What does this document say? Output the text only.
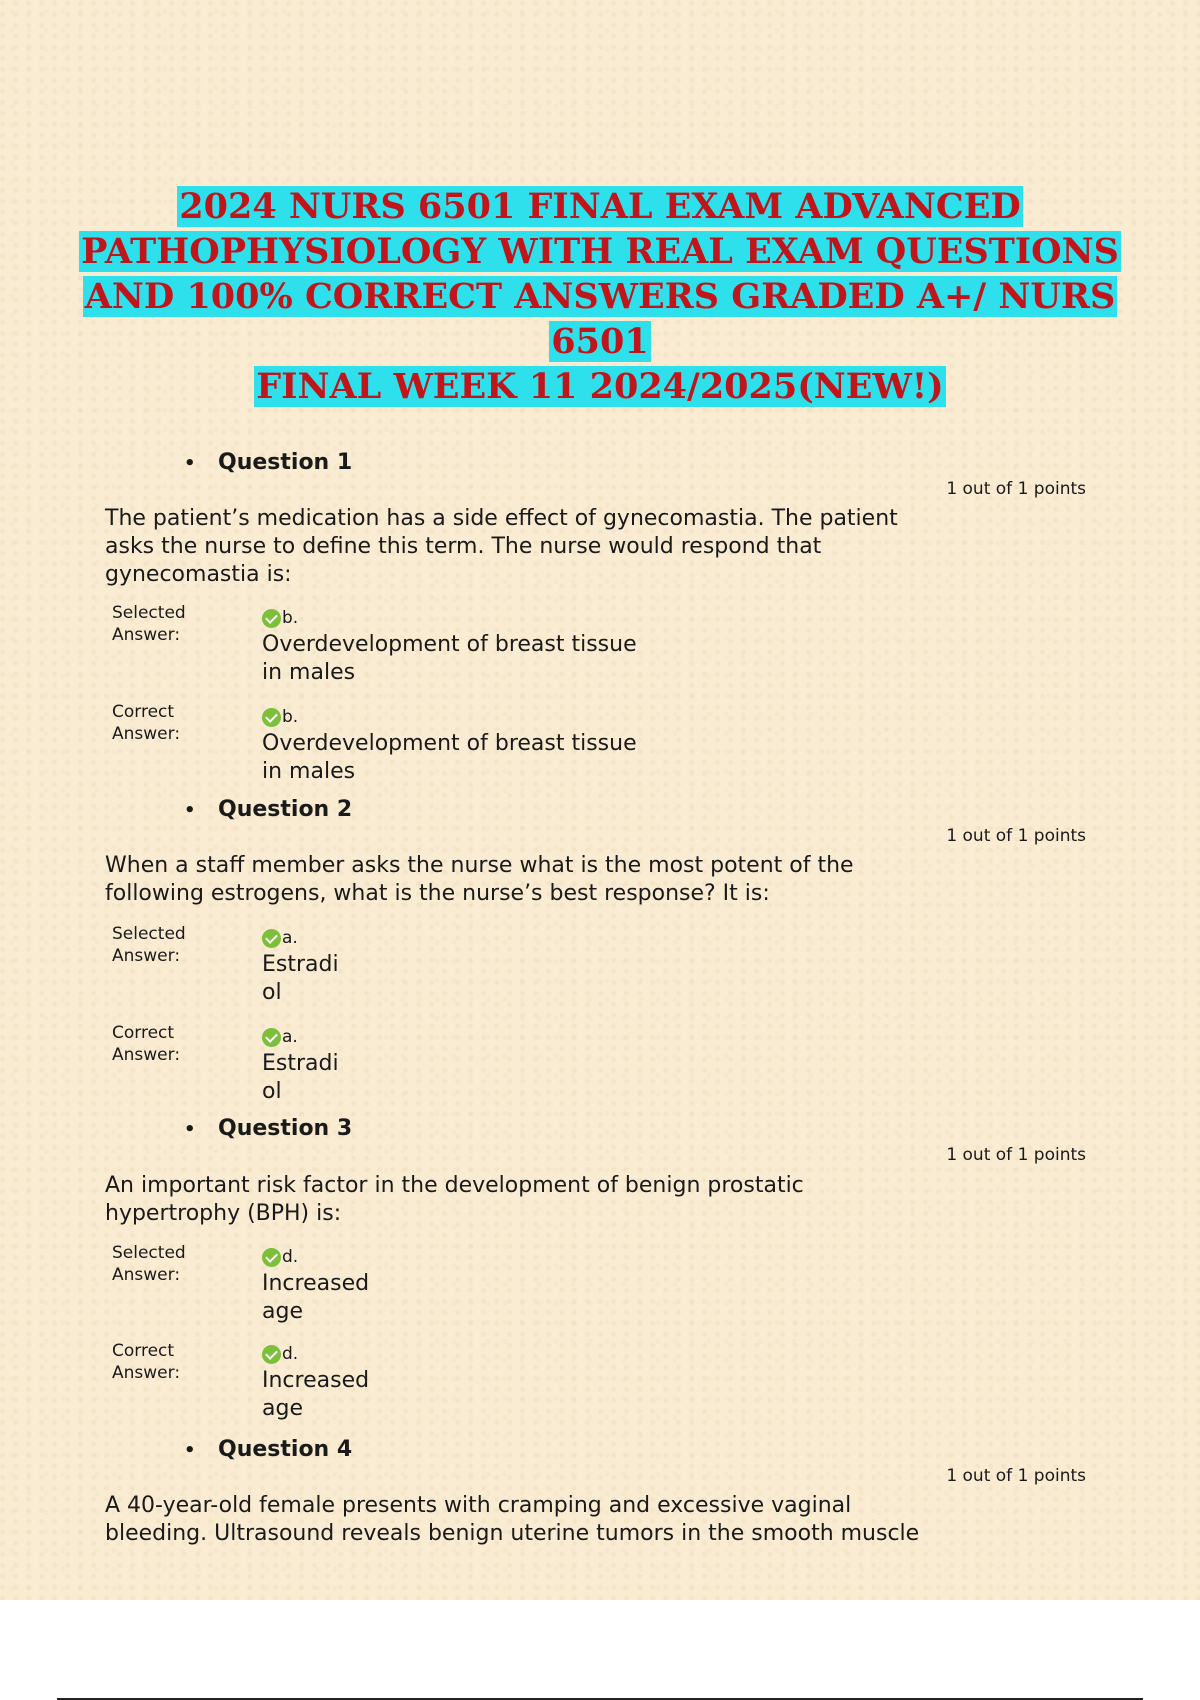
2024 NURS 6501 FINAL EXAM ADVANCED
PATHOPHYSIOLOGY WITH REAL EXAM QUESTIONS
AND 100% CORRECT ANSWERS GRADED A+/ NURS 6501
FINAL WEEK 11 2024/2025(NEW!)
• Question 1
1 out of 1 points
The patient’s medication has a side effect of gynecomastia. The patient
asks the nurse to define this term. The nurse would respond that
gynecomastia is:
Selected
Answer:
b.
Overdevelopment of breast tissue
in males
Correct
Answer:
b.
Overdevelopment of breast tissue
in males
• Question 2
1 out of 1 points
When a staff member asks the nurse what is the most potent of the
following estrogens, what is the nurse’s best response? It is:
Selected
Answer:
a.
Estradi
ol
Correct
Answer:
a.
Estradi
ol
• Question 3
1 out of 1 points
An important risk factor in the development of benign prostatic
hypertrophy (BPH) is:
Selected
Answer:
d.
Increased
age
Correct
Answer:
d.
Increased
age
• Question 4
1 out of 1 points
A 40-year-old female presents with cramping and excessive vaginal
bleeding. Ultrasound reveals benign uterine tumors in the smooth muscle
